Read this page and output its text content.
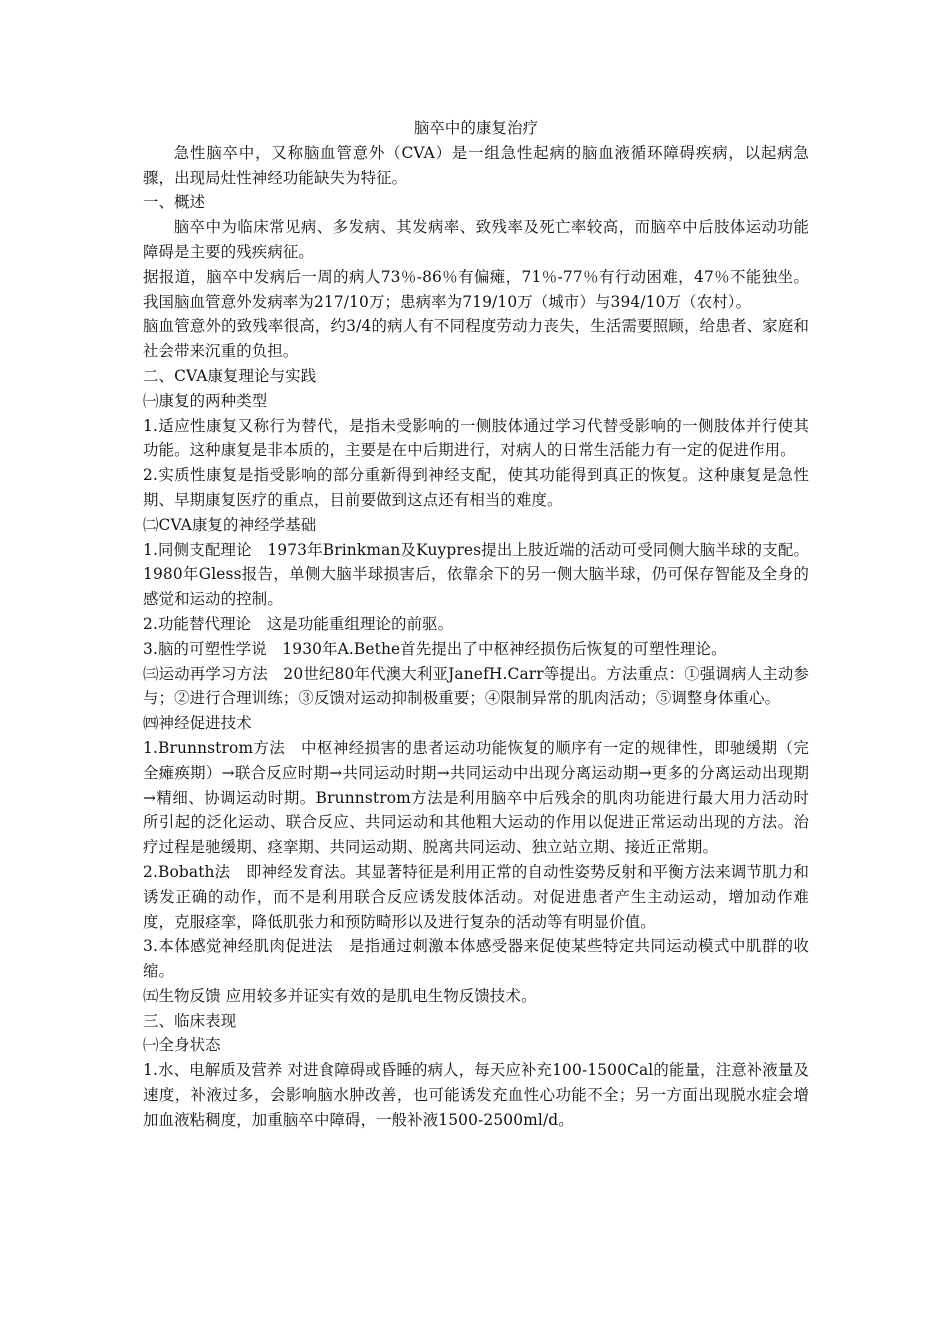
脑卒中的康复治疗

急性脑卒中，又称脑血管意外（CVA）是一组急性起病的脑血液循环障碍疾病，以起病急骤，出现局灶性神经功能缺失为特征。

一、概述

脑卒中为临床常见病、多发病、其发病率、致残率及死亡率较高，而脑卒中后肢体运动功能障碍是主要的残疾病征。

据报道，脑卒中发病后一周的病人73％-86％有偏瘫，71％-77％有行动困难，47％不能独坐。我国脑血管意外发病率为217/10万；患病率为719/10万（城市）与394/10万（农村）。

脑血管意外的致残率很高，约3/4的病人有不同程度劳动力丧失，生活需要照顾，给患者、家庭和社会带来沉重的负担。

二、CVA康复理论与实践

㈠康复的两种类型

1.适应性康复又称行为替代，是指未受影响的一侧肢体通过学习代替受影响的一侧肢体并行使其功能。这种康复是非本质的，主要是在中后期进行，对病人的日常生活能力有一定的促进作用。

2.实质性康复是指受影响的部分重新得到神经支配，使其功能得到真正的恢复。这种康复是急性期、早期康复医疗的重点，目前要做到这点还有相当的难度。

㈡CVA康复的神经学基础

1.同侧支配理论　1973年Brinkman及Kuypres提出上肢近端的活动可受同侧大脑半球的支配。1980年Gless报告，单侧大脑半球损害后，依靠余下的另一侧大脑半球，仍可保存智能及全身的感觉和运动的控制。

2.功能替代理论　这是功能重组理论的前驱。

3.脑的可塑性学说　1930年A.Bethe首先提出了中枢神经损伤后恢复的可塑性理论。

㈢运动再学习方法　20世纪80年代澳大利亚JanefH.Carr等提出。方法重点：①强调病人主动参与；②进行合理训练；③反馈对运动抑制极重要；④限制异常的肌肉活动；⑤调整身体重心。

㈣神经促进技术

1.Brunnstrom方法　中枢神经损害的患者运动功能恢复的顺序有一定的规律性，即驰缓期（完全瘫痪期）→联合反应时期→共同运动时期→共同运动中出现分离运动期→更多的分离运动出现期→精细、协调运动时期。Brunnstrom方法是利用脑卒中后残余的肌肉功能进行最大用力活动时所引起的泛化运动、联合反应、共同运动和其他粗大运动的作用以促进正常运动出现的方法。治疗过程是驰缓期、痉挛期、共同运动期、脱离共同运动、独立站立期、接近正常期。

2.Bobath法　即神经发育法。其显著特征是利用正常的自动性姿势反射和平衡方法来调节肌力和诱发正确的动作，而不是利用联合反应诱发肢体活动。对促进患者产生主动运动，增加动作难度，克服痉挛，降低肌张力和预防畸形以及进行复杂的活动等有明显价值。

3.本体感觉神经肌肉促进法　是指通过刺激本体感受器来促使某些特定共同运动模式中肌群的收缩。

㈤生物反馈 应用较多并证实有效的是肌电生物反馈技术。

三、临床表现

㈠全身状态

1.水、电解质及营养 对进食障碍或昏睡的病人，每天应补充100-1500Cal的能量，注意补液量及速度，补液过多，会影响脑水肿改善，也可能诱发充血性心功能不全；另一方面出现脱水症会增加血液粘稠度，加重脑卒中障碍，一般补液1500-2500ml/d。
